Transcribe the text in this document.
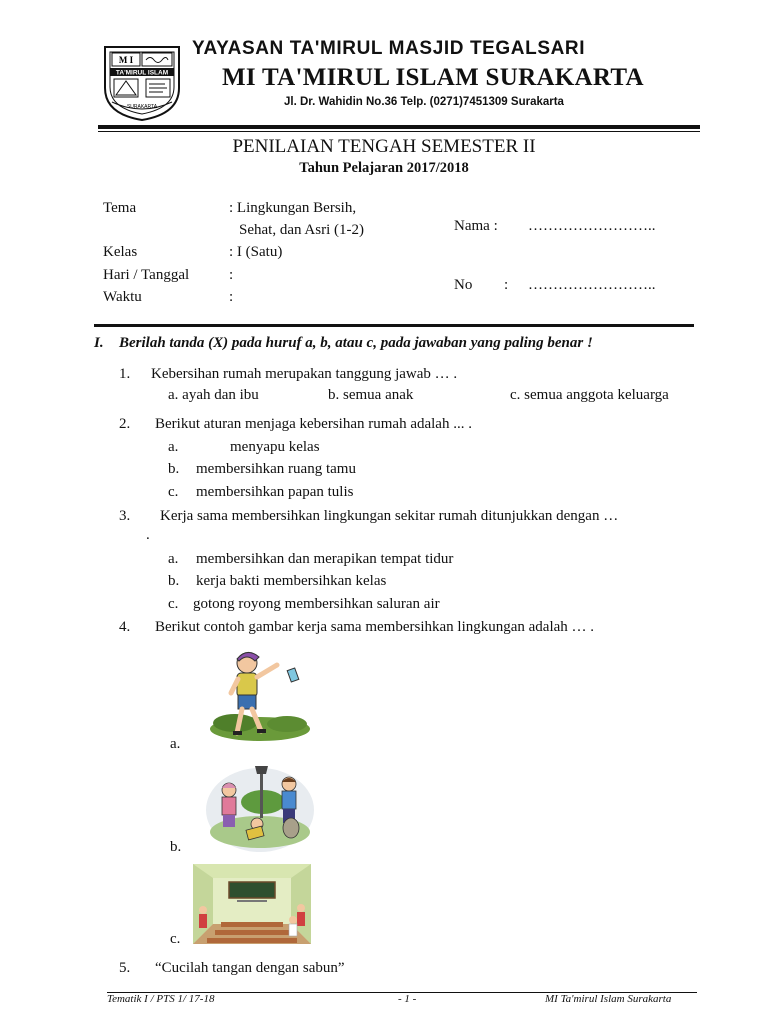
M I
TA'MIRUL ISLAM
SURAKARTA
YAYASAN TA'MIRUL MASJID TEGALSARI
MI TA'MIRUL ISLAM SURAKARTA
Jl. Dr. Wahidin No.36 Telp. (0271)7451309 Surakarta
PENILAIAN TENGAH SEMESTER II
Tahun Pelajaran 2017/2018
Tema	: Lingkungan Bersih,
Sehat, dan Asri (1-2)
Kelas	: I (Satu)
Hari / Tanggal	:
Waktu	:
Nama : ……………………..
No : ……………………..
I. Berilah tanda (X) pada huruf a, b, atau c, pada jawaban yang paling benar !
1. Kebersihan rumah merupakan tanggung jawab … .
a. ayah dan ibu	b. semua anak	c. semua anggota keluarga
2. Berikut aturan menjaga kebersihan rumah adalah ... .
a.	menyapu kelas
b. membersihkan ruang tamu
c. membersihkan papan tulis
3. Kerja sama membersihkan lingkungan sekitar rumah ditunjukkan dengan …
.
a. membersihkan dan merapikan tempat tidur
b. kerja bakti membersihkan kelas
c. gotong royong membersihkan saluran air
4. Berikut contoh gambar kerja sama membersihkan lingkungan adalah … .
a.
b.
c.
5. “Cucilah tangan dengan sabun”
Tematik I / PTS 1/ 17-18	- 1 -	MI Ta'mirul Islam Surakarta
